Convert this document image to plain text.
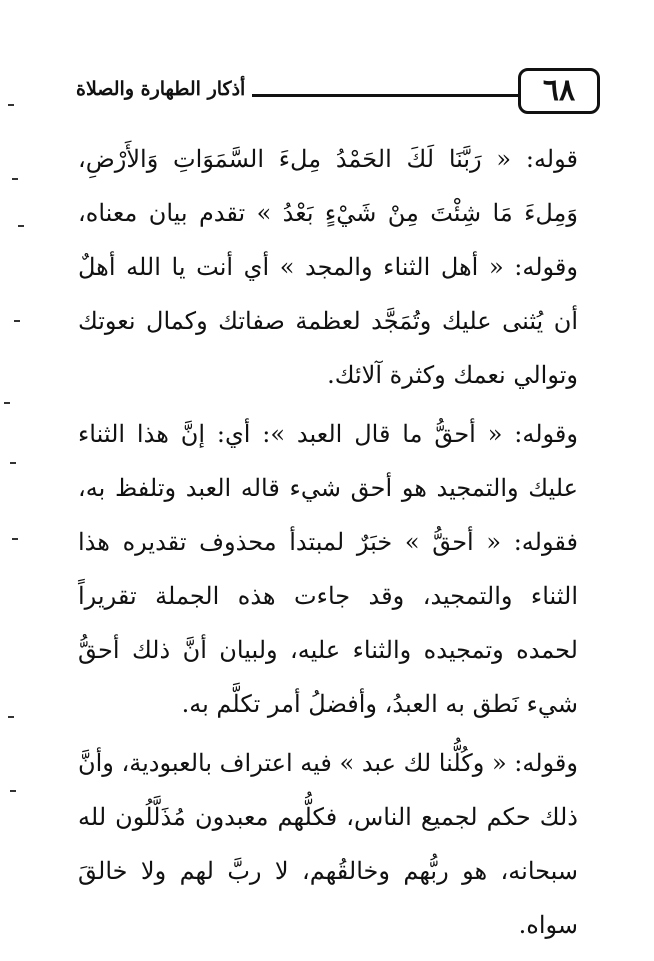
أذكار الطهارة والصلاة	٦٨

قوله: « رَبَّنَا لَكَ الحَمْدُ مِلءَ السَّمَوَاتِ وَالأَرْضِ، وَمِلءَ مَا شِئْتَ مِنْ شَيْءٍ بَعْدُ » تقدم بيان معناه، وقوله: « أهل الثناء والمجد » أي أنت يا الله أهلٌ أن يُثنى عليك وتُمَجَّد لعظمة صفاتك وكمال نعوتك وتوالي نعمك وكثرة آلائك.

وقوله: « أحقُّ ما قال العبد »: أي: إنَّ هذا الثناء عليك والتمجيد هو أحق شيء قاله العبد وتلفظ به، فقوله: « أحقُّ » خبَرٌ لمبتدأ محذوف تقديره هذا الثناء والتمجيد، وقد جاءت هذه الجملة تقريراً لحمده وتمجيده والثناء عليه، ولبيان أنَّ ذلك أحقُّ شيء نَطق به العبدُ، وأفضلُ أمر تكلَّم به.

وقوله: « وكُلُّنا لك عبد » فيه اعتراف بالعبودية، وأنَّ ذلك حكم لجميع الناس، فكلُّهم معبدون مُذَلَّلُون لله سبحانه، هو ربُّهم وخالقُهم، لا ربَّ لهم ولا خالقَ سواه.
